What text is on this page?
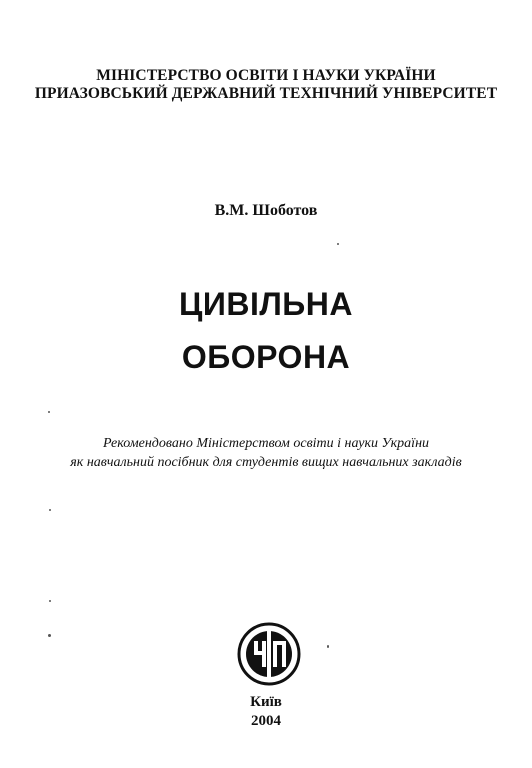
МІНІСТЕРСТВО ОСВІТИ І НАУКИ УКРАЇНИ
ПРИАЗОВСЬКИЙ ДЕРЖАВНИЙ ТЕХНІЧНИЙ УНІВЕРСИТЕТ
В.М. Шоботов
ЦИВІЛЬНА
ОБОРОНА
Рекомендовано Міністерством освіти і науки України
як навчальний посібник для студентів вищих навчальних закладів
Київ
2004
